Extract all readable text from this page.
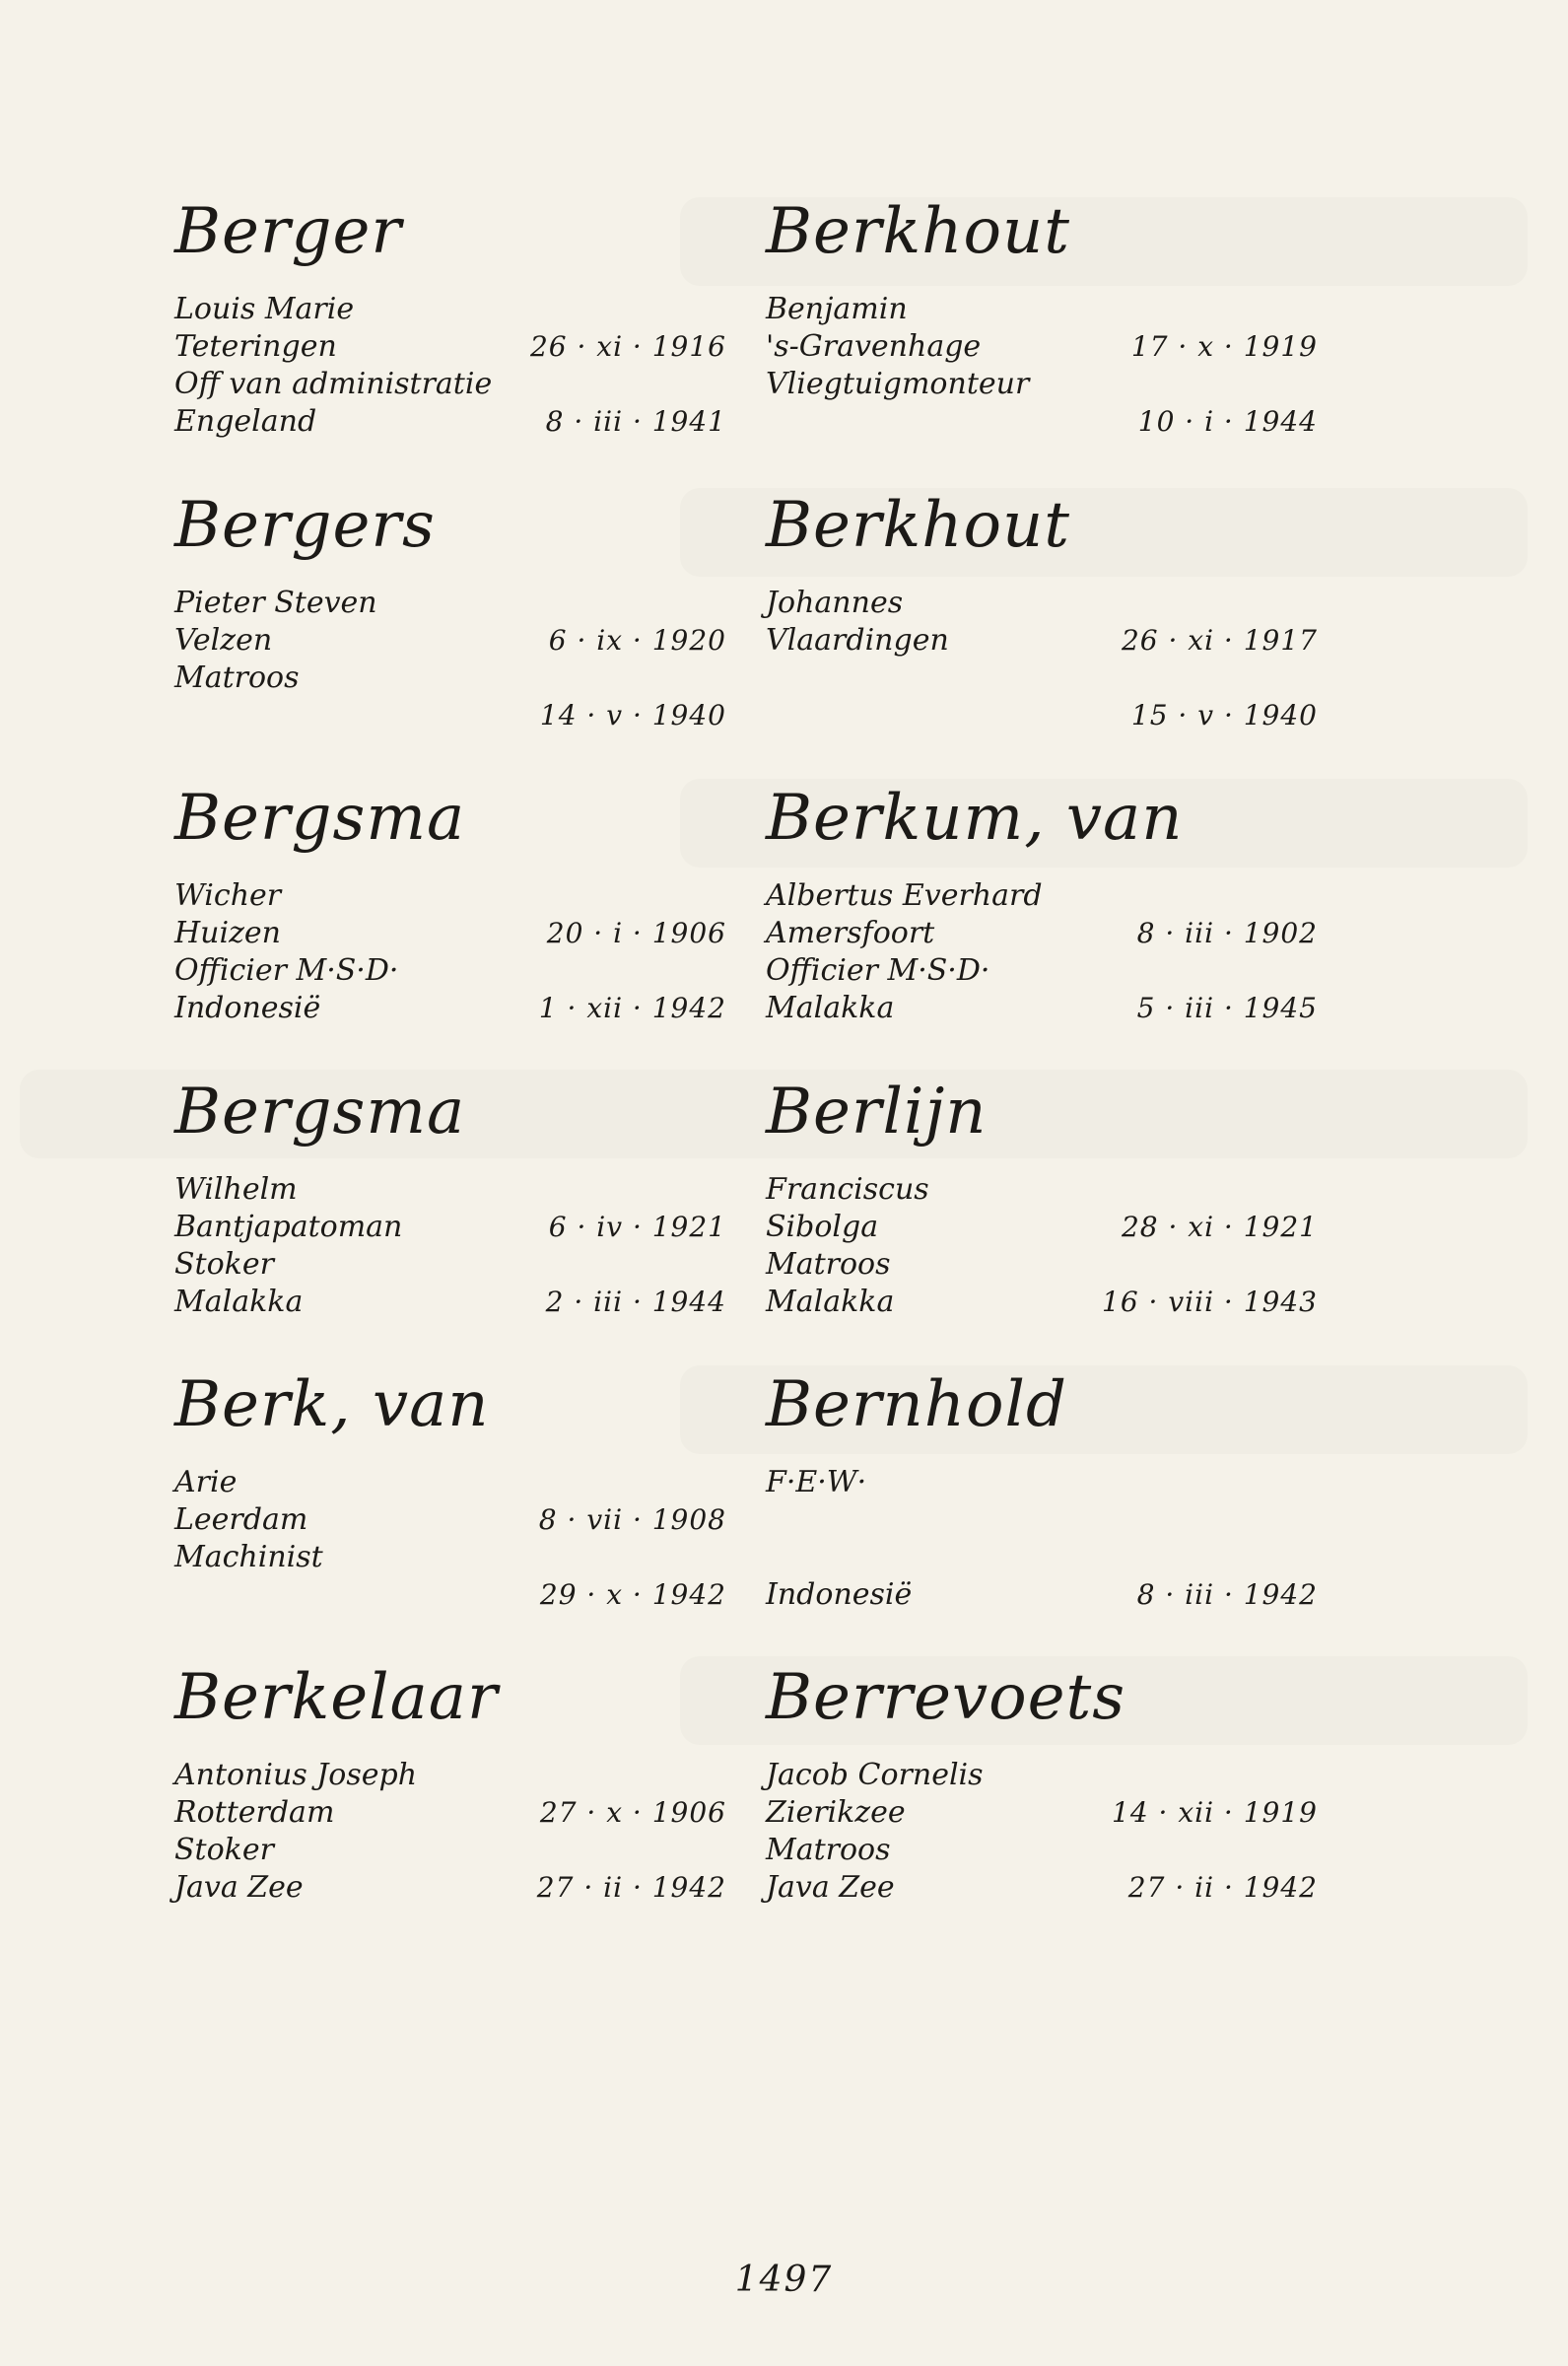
Berger
Louis Marie
Teteringen	26 · xi · 1916
Off van administratie
Engeland	8 · iii · 1941
Bergers
Pieter Steven
Velzen	6 · ix · 1920
Matroos
14 · v · 1940
Bergsma
Wicher
Huizen	20 · i · 1906
Officier M·S·D·
Indonesië	1 · xii · 1942
Bergsma
Wilhelm
Bantjapatoman	6 · iv · 1921
Stoker
Malakka	2 · iii · 1944
Berk, van
Arie
Leerdam	8 · vii · 1908
Machinist
29 · x · 1942
Berkelaar
Antonius Joseph
Rotterdam	27 · x · 1906
Stoker
Java Zee	27 · ii · 1942
Berkhout
Benjamin
's-Gravenhage	17 · x · 1919
Vliegtuigmonteur
10 · i · 1944
Berkhout
Johannes
Vlaardingen	26 · xi · 1917
15 · v · 1940
Berkum, van
Albertus Everhard
Amersfoort	8 · iii · 1902
Officier M·S·D·
Malakka	5 · iii · 1945
Berlijn
Franciscus
Sibolga	28 · xi · 1921
Matroos
Malakka	16 · viii · 1943
Bernhold
F·E·W·
Indonesië	8 · iii · 1942
Berrevoets
Jacob Cornelis
Zierikzee	14 · xii · 1919
Matroos
Java Zee	27 · ii · 1942
1497
